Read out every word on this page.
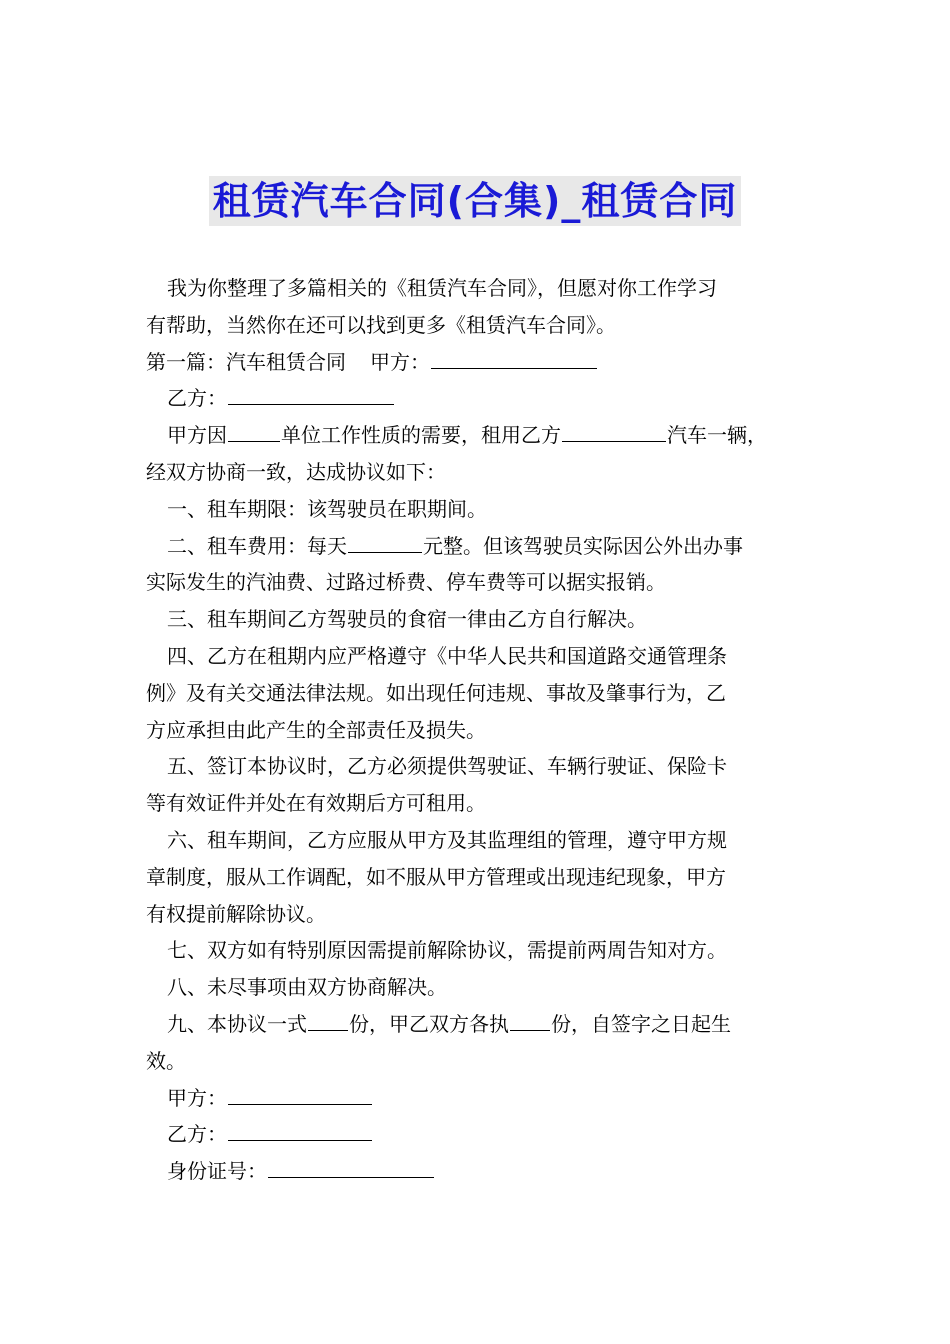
租赁汽车合同(合集)_租赁合同

我为你整理了多篇相关的《租赁汽车合同》，但愿对你工作学习

有帮助，当然你在还可以找到更多《租赁汽车合同》。

第一篇：汽车租赁合同 甲方：

乙方：

甲方因	单位工作性质的需要，租用乙方	汽车一辆，

经双方协商一致，达成协议如下：

一、租车期限：该驾驶员在职期间。

二、租车费用：每天	元整。但该驾驶员实际因公外出办事

实际发生的汽油费、过路过桥费、停车费等可以据实报销。

三、租车期间乙方驾驶员的食宿一律由乙方自行解决。

四、乙方在租期内应严格遵守《中华人民共和国道路交通管理条

例》及有关交通法律法规。如出现任何违规、事故及肇事行为，乙

方应承担由此产生的全部责任及损失。

五、签订本协议时，乙方必须提供驾驶证、车辆行驶证、保险卡

等有效证件并处在有效期后方可租用。

六、租车期间，乙方应服从甲方及其监理组的管理，遵守甲方规

章制度，服从工作调配，如不服从甲方管理或出现违纪现象，甲方

有权提前解除协议。

七、双方如有特别原因需提前解除协议，需提前两周告知对方。

八、未尽事项由双方协商解决。

九、本协议一式 份，甲乙双方各执 份，自签字之日起生

效。

甲方：

乙方：

身份证号：
